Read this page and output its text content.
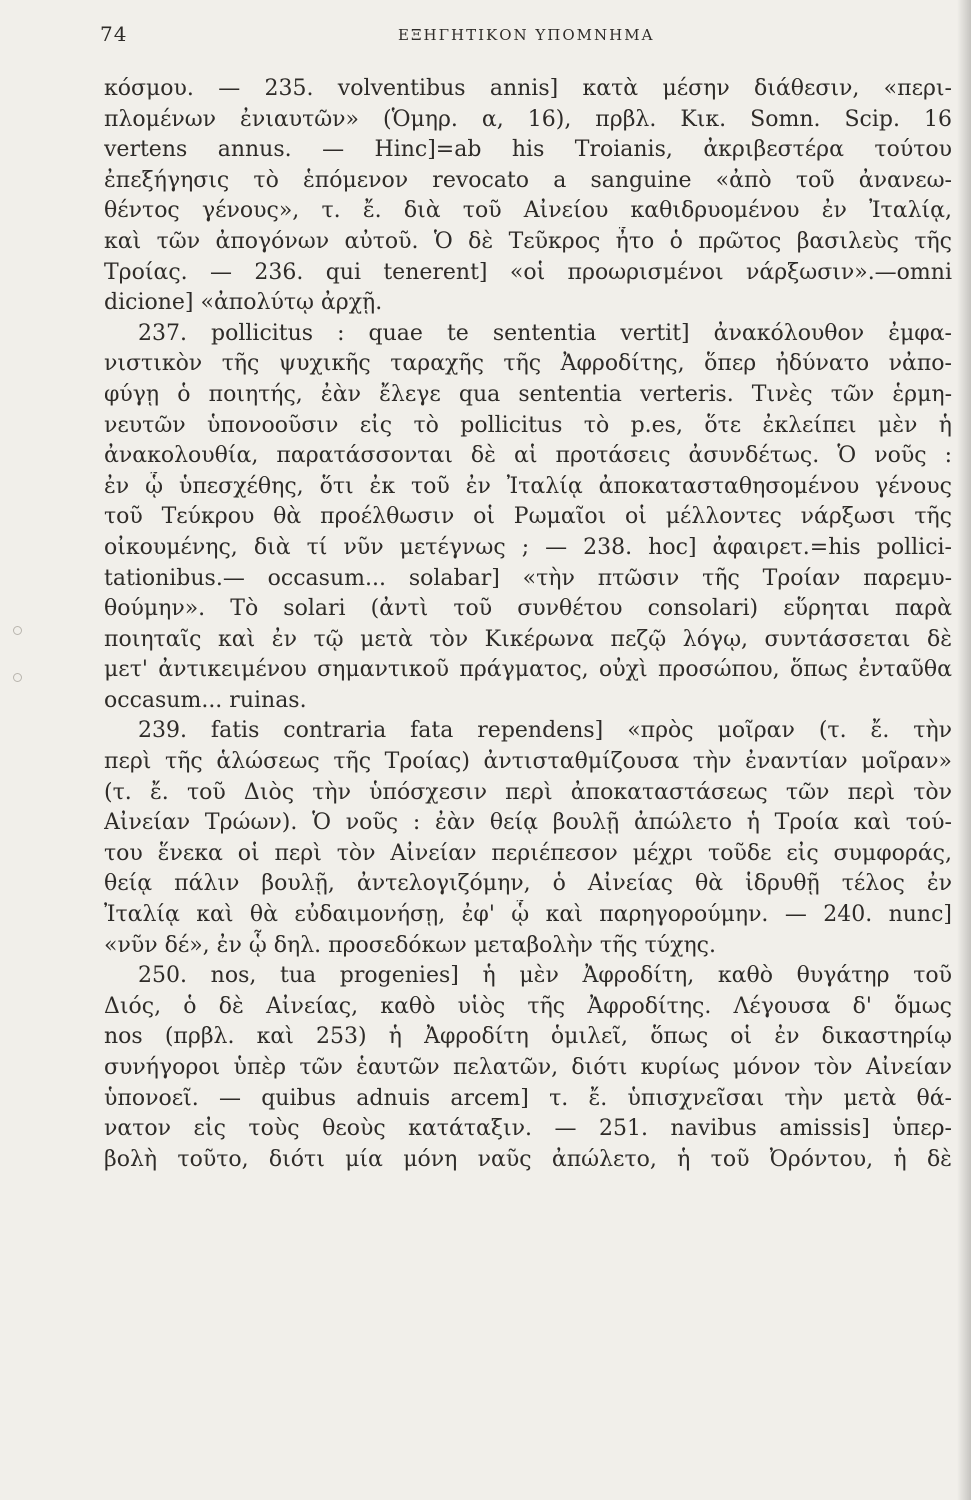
74	ΕΞΗΓΗΤΙΚΟΝ ΥΠΟΜΝΗΜΑ
κόσμου. — 235. volventibus annis] κατὰ μέσην διάθεσιν, «περι-
πλομένων ἐνιαυτῶν» (Ὁμηρ. α, 16), πρβλ. Κικ. Somn. Scip. 16
vertens annus. — Hinc]=ab his Troianis, ἀκριβεστέρα τούτου
ἐπεξήγησις τὸ ἑπόμενον revocato a sanguine «ἀπὸ τοῦ ἀνανεω-
θέντος γένους», τ. ἔ. διὰ τοῦ Αἰνείου καθιδρυομένου ἐν Ἰταλίᾳ,
καὶ τῶν ἀπογόνων αὐτοῦ. Ὁ δὲ Τεῦκρος ἦτο ὁ πρῶτος βασιλεὺς τῆς
Τροίας. — 236. qui tenerent] «οἱ προωρισμένοι νάρξωσιν».—omni
dicione] «ἀπολύτῳ ἀρχῇ.
237. pollicitus : quae te sententia vertit] ἀνακόλουθον ἐμφα-
νιστικὸν τῆς ψυχικῆς ταραχῆς τῆς Ἀφροδίτης, ὅπερ ἠδύνατο νἀπο-
φύγῃ ὁ ποιητής, ἐὰν ἔλεγε qua sententia verteris. Τινὲς τῶν ἑρμη-
νευτῶν ὑπονοοῦσιν εἰς τὸ pollicitus τὸ p.es, ὅτε ἐκλείπει μὲν ἡ
ἀνακολουθία, παρατάσσονται δὲ αἱ προτάσεις ἀσυνδέτως. Ὁ νοῦς :
ἐν ᾧ ὑπεσχέθης, ὅτι ἐκ τοῦ ἐν Ἰταλίᾳ ἀποκατασταθησομένου γένους
τοῦ Τεύκρου θὰ προέλθωσιν οἱ Ρωμαῖοι οἱ μέλλοντες νάρξωσι τῆς
οἰκουμένης, διὰ τί νῦν μετέγνως ; — 238. hoc] ἀφαιρετ.=his pollici-
tationibus.— occasum... solabar] «τὴν πτῶσιν τῆς Τροίαν παρεμυ-
θούμην». Τὸ solari (ἀντὶ τοῦ συνθέτου consolari) εὕρηται παρὰ
ποιηταῖς καὶ ἐν τῷ μετὰ τὸν Κικέρωνα πεζῷ λόγῳ, συντάσσεται δὲ
μετ' ἀντικειμένου σημαντικοῦ πράγματος, οὐχὶ προσώπου, ὅπως ἐνταῦθα
occasum... ruinas.
239. fatis contraria fata rependens] «πρὸς μοῖραν (τ. ἔ. τὴν
περὶ τῆς ἁλώσεως τῆς Τροίας) ἀντισταθμίζουσα τὴν ἐναντίαν μοῖραν»
(τ. ἔ. τοῦ Διὸς τὴν ὑπόσχεσιν περὶ ἀποκαταστάσεως τῶν περὶ τὸν
Αἰνείαν Τρώων). Ὁ νοῦς : ἐὰν θείᾳ βουλῇ ἀπώλετο ἡ Τροία καὶ τού-
του ἕνεκα οἱ περὶ τὸν Αἰνείαν περιέπεσον μέχρι τοῦδε εἰς συμφοράς,
θείᾳ πάλιν βουλῇ, ἀντελογιζόμην, ὁ Αἰνείας θὰ ἱδρυθῇ τέλος ἐν
Ἰταλίᾳ καὶ θὰ εὐδαιμονήσῃ, ἐφ' ᾧ καὶ παρηγορούμην. — 240. nunc]
«νῦν δέ», ἐν ᾧ δηλ. προσεδόκων μεταβολὴν τῆς τύχης.
250. nos, tua progenies] ἡ μὲν Ἀφροδίτη, καθὸ θυγάτηρ τοῦ
Διός, ὁ δὲ Αἰνείας, καθὸ υἱὸς τῆς Ἀφροδίτης. Λέγουσα δ' ὅμως
nos (πρβλ. καὶ 253) ἡ Ἀφροδίτη ὁμιλεῖ, ὅπως οἱ ἐν δικαστηρίῳ
συνήγοροι ὑπὲρ τῶν ἑαυτῶν πελατῶν, διότι κυρίως μόνον τὸν Αἰνείαν
ὑπονοεῖ. — quibus adnuis arcem] τ. ἔ. ὑπισχνεῖσαι τὴν μετὰ θά-
νατον εἰς τοὺς θεοὺς κατάταξιν. — 251. navibus amissis] ὑπερ-
βολὴ τοῦτο, διότι μία μόνη ναῦς ἀπώλετο, ἡ τοῦ Ὀρόντου, ἡ δὲ
